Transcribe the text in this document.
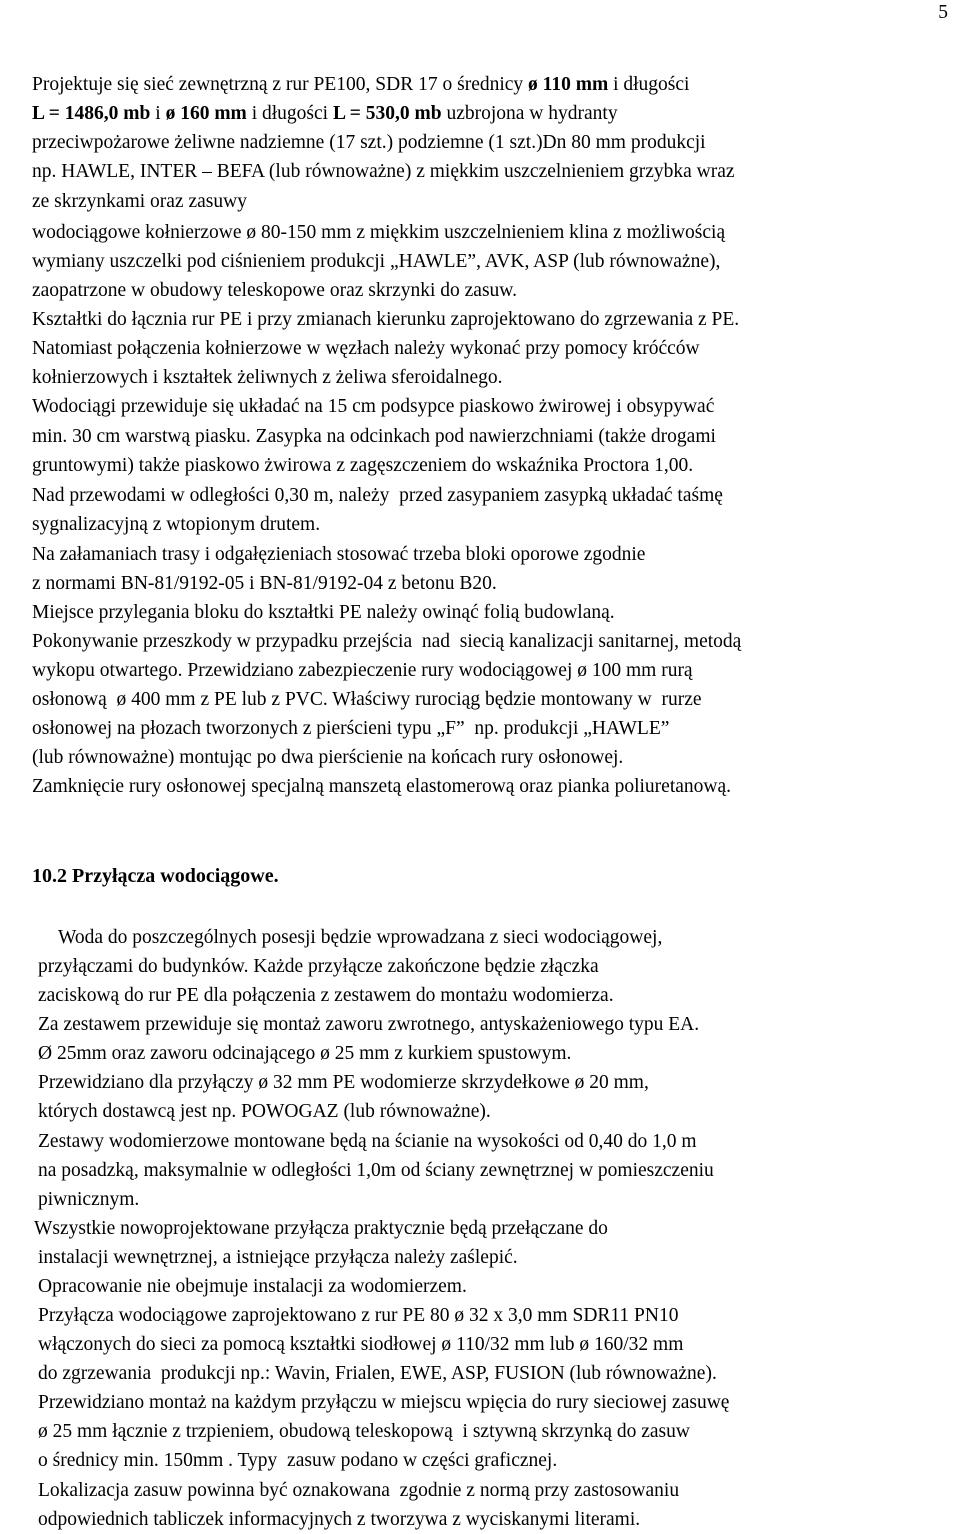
5
Projektuje się sieć zewnętrzną z rur PE100, SDR 17 o średnicy ø 110 mm i długości
L = 1486,0 mb i ø 160 mm i długości L = 530,0 mb uzbrojona w hydranty
przeciwpożarowe żeliwne nadziemne (17 szt.) podziemne (1 szt.)Dn 80 mm produkcji
np. HAWLE, INTER – BEFA (lub równoważne) z miękkim uszczelnieniem grzybka wraz
ze skrzynkami oraz zasuwy
wodociągowe kołnierzowe ø 80-150 mm z miękkim uszczelnieniem klina z możliwością
wymiany uszczelki pod ciśnieniem produkcji „HAWLE”, AVK, ASP (lub równoważne),
zaopatrzone w obudowy teleskopowe oraz skrzynki do zasuw.
Kształtki do łącznia rur PE i przy zmianach kierunku zaprojektowano do zgrzewania z PE.
Natomiast połączenia kołnierzowe w węzłach należy wykonać przy pomocy króćców
kołnierzowych i kształtek żeliwnych z żeliwa sferoidalnego.
Wodociągi przewiduje się układać na 15 cm podsypce piaskowo żwirowej i obsypywać
min. 30 cm warstwą piasku. Zasypka na odcinkach pod nawierzchniami (także drogami
gruntowymi) także piaskowo żwirowa z zagęszczeniem do wskaźnika Proctora 1,00.
Nad przewodami w odległości 0,30 m, należy  przed zasypaniem zasypką układać taśmę
sygnalizacyjną z wtopionym drutem.
Na załamaniach trasy i odgałęzieniach stosować trzeba bloki oporowe zgodnie
z normami BN-81/9192-05 i BN-81/9192-04 z betonu B20.
Miejsce przylegania bloku do kształtki PE należy owinąć folią budowlaną.
Pokonywanie przeszkody w przypadku przejścia  nad  siecią kanalizacji sanitarnej, metodą
wykopu otwartego. Przewidziano zabezpieczenie rury wodociągowej ø 100 mm rurą
osłonową  ø 400 mm z PE lub z PVC. Właściwy rurociąg będzie montowany w  rurze
osłonowej na płozach tworzonych z pierścieni typu „F”  np. produkcji „HAWLE”
(lub równoważne) montując po dwa pierścienie na końcach rury osłonowej.
Zamknięcie rury osłonowej specjalną manszetą elastomerową oraz pianka poliuretanową.
10.2 Przyłącza wodociągowe.
Woda do poszczególnych posesji będzie wprowadzana z sieci wodociągowej,
przyłączami do budynków. Każde przyłącze zakończone będzie złączka
zaciskową do rur PE dla połączenia z zestawem do montażu wodomierza.
Za zestawem przewiduje się montaż zaworu zwrotnego, antyskażeniowego typu EA.
Ø 25mm oraz zaworu odcinającego ø 25 mm z kurkiem spustowym.
Przewidziano dla przyłączy ø 32 mm PE wodomierze skrzydełkowe ø 20 mm,
których dostawcą jest np. POWOGAZ (lub równoważne).
Zestawy wodomierzowe montowane będą na ścianie na wysokości od 0,40 do 1,0 m
na posadzką, maksymalnie w odległości 1,0m od ściany zewnętrznej w pomieszczeniu
piwnicznym.
Wszystkie nowoprojektowane przyłącza praktycznie będą przełączane do
instalacji wewnętrznej, a istniejące przyłącza należy zaślepić.
Opracowanie nie obejmuje instalacji za wodomierzem.
Przyłącza wodociągowe zaprojektowano z rur PE 80 ø 32 x 3,0 mm SDR11 PN10
włączonych do sieci za pomocą kształtki siodłowej ø 110/32 mm lub ø 160/32 mm
do zgrzewania  produkcji np.: Wavin, Frialen, EWE, ASP, FUSION (lub równoważne).
Przewidziano montaż na każdym przyłączu w miejscu wpięcia do rury sieciowej zasuwę
ø 25 mm łącznie z trzpieniem, obudową teleskopową  i sztywną skrzynką do zasuw
o średnicy min. 150mm . Typy  zasuw podano w części graficznej.
Lokalizacja zasuw powinna być oznakowana  zgodnie z normą przy zastosowaniu
odpowiednich tabliczek informacyjnych z tworzywa z wyciskanymi literami.
